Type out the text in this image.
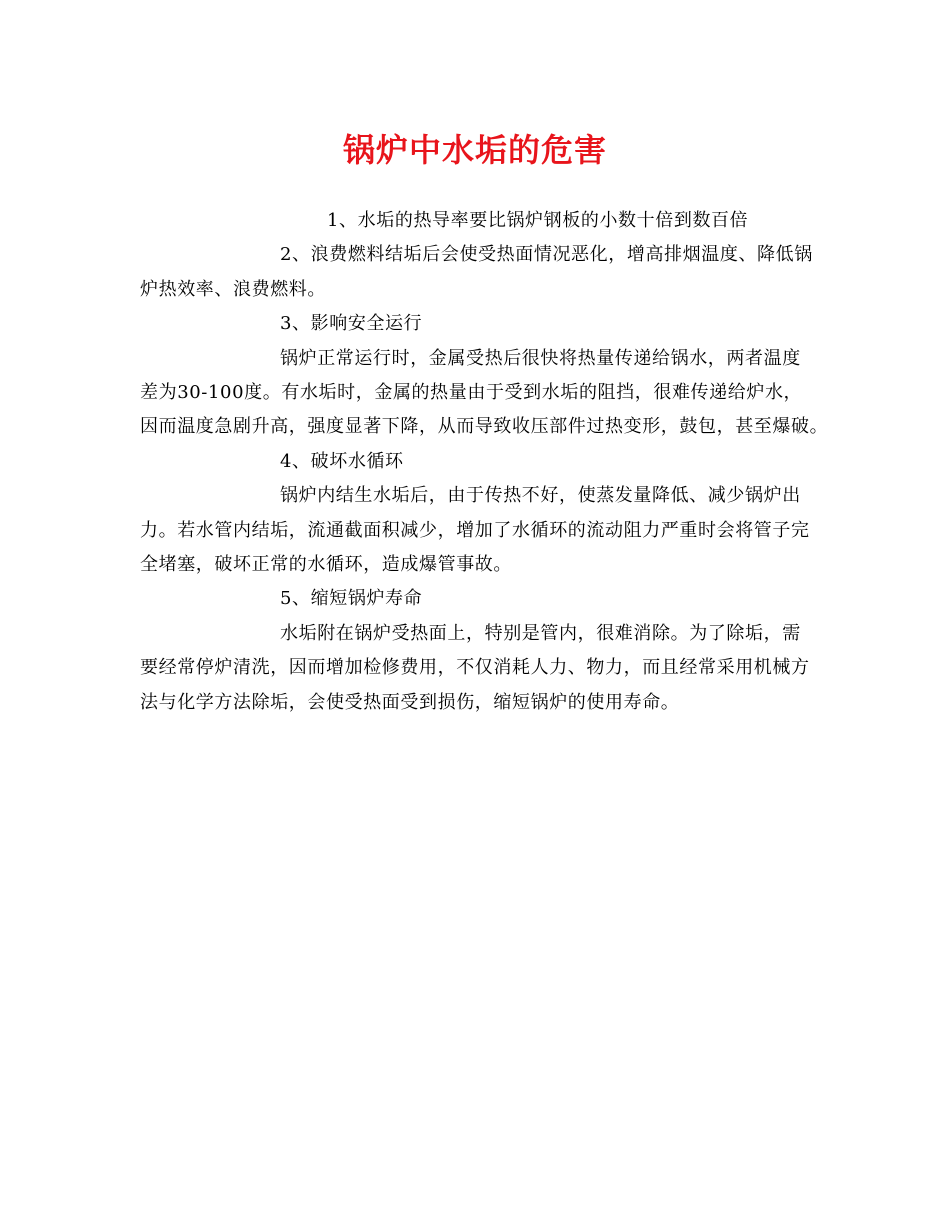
锅炉中水垢的危害

1、水垢的热导率要比锅炉钢板的小数十倍到数百倍

2、浪费燃料结垢后会使受热面情况恶化，增高排烟温度、降低锅

炉热效率、浪费燃料。

3、影响安全运行

锅炉正常运行时，金属受热后很快将热量传递给锅水，两者温度

差为30-100度。有水垢时，金属的热量由于受到水垢的阻挡，很难传递给炉水，

因而温度急剧升高，强度显著下降，从而导致收压部件过热变形，鼓包，甚至爆破。

4、破坏水循环

锅炉内结生水垢后，由于传热不好，使蒸发量降低、减少锅炉出

力。若水管内结垢，流通截面积减少，增加了水循环的流动阻力严重时会将管子完

全堵塞，破坏正常的水循环，造成爆管事故。

5、缩短锅炉寿命

水垢附在锅炉受热面上，特别是管内，很难消除。为了除垢，需

要经常停炉清洗，因而增加检修费用，不仅消耗人力、物力，而且经常采用机械方

法与化学方法除垢，会使受热面受到损伤，缩短锅炉的使用寿命。
